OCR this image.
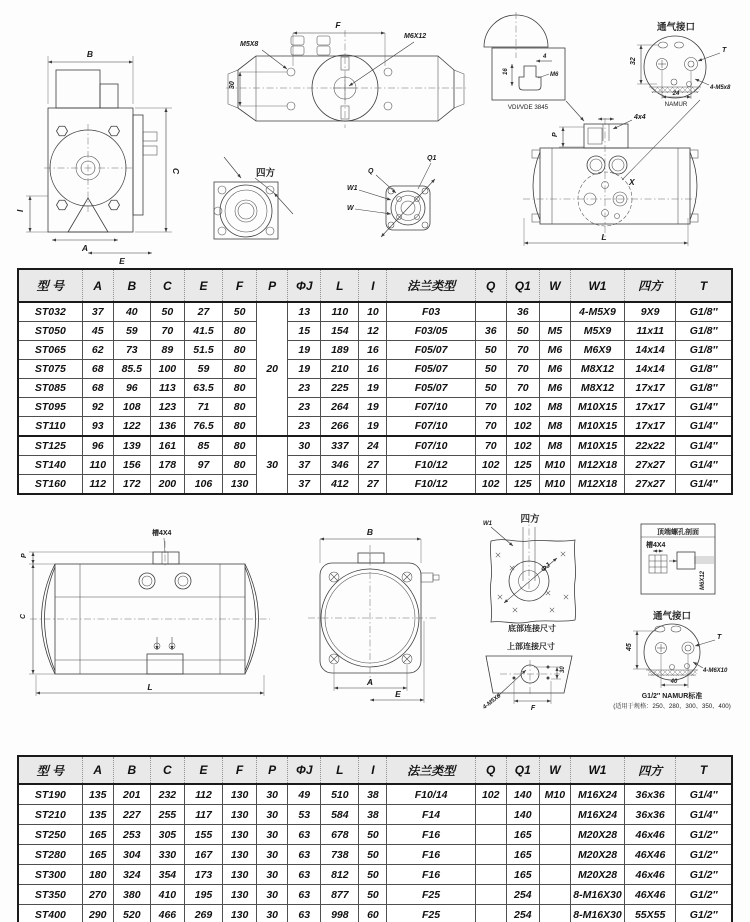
B
C
I
A
E
F
M5X8
M6X12
30
四方	Q
Q1
W1
W
4
16	M6
VDI/VDE 3845
通气接口
32
24
NAMUR
T
4-M5x8
P
4x4
X
L
型 号	A	B	C	E	F	P	ΦJ	L	I	法兰类型	Q	Q1	W	W1	四方	T
ST032	37	40	50	27	50	20	13	110	10	F03		36		4-M5X9	9X9	G1/8″
ST050	45	59	70	41.5	80		15	154	12	F03/05	36	50	M5	M5X9	11x11	G1/8″
ST065	62	73	89	51.5	80		19	189	16	F05/07	50	70	M6	M6X9	14x14	G1/8″
ST075	68	85.5	100	59	80		19	210	16	F05/07	50	70	M6	M8X12	14x14	G1/8″
ST085	68	96	113	63.5	80		23	225	19	F05/07	50	70	M6	M8X12	17x17	G1/8″
ST095	92	108	123	71	80		23	264	19	F07/10	70	102	M8	M10X15	17x17	G1/4″
ST110	93	122	136	76.5	80		23	266	19	F07/10	70	102	M8	M10X15	17x17	G1/4″
ST125	96	139	161	85	80	30	30	337	24	F07/10	70	102	M8	M10X15	22x22	G1/4″
ST140	110	156	178	97	80		37	346	27	F10/12	102	125	M10	M12X18	27x27	G1/4″
ST160	112	172	200	106	130		37	412	27	F10/12	102	125	M10	M12X18	27x27	G1/4″
槽4X4
P
C
L
B
A
E
W1	四方
ΦJ
底部连接尺寸
上部连接尺寸
4-M5X8	F
30
顶端螺孔剖面
槽4X4
M6X12
通气接口
45
40
T
4-M6X10
G1/2″ NAMUR标准
(适用于规格：250、280、300、350、400)
型 号	A	B	C	E	F	P	ΦJ	L	I	法兰类型	Q	Q1	W	W1	四方	T
ST190	135	201	232	112	130	30	49	510	38	F10/14	102	140	M10	M16X24	36x36	G1/4″
ST210	135	227	255	117	130	30	53	584	38	F14		140		M16X24	36x36	G1/4″
ST250	165	253	305	155	130	30	63	678	50	F16		165		M20X28	46x46	G1/2″
ST280	165	304	330	167	130	30	63	738	50	F16		165		M20X28	46X46	G1/2″
ST300	180	324	354	173	130	30	63	812	50	F16		165		M20X28	46x46	G1/2″
ST350	270	380	410	195	130	30	63	877	50	F25		254		8-M16X30	46X46	G1/2″
ST400	290	520	466	269	130	30	63	998	60	F25		254		8-M16X30	55X55	G1/2″
